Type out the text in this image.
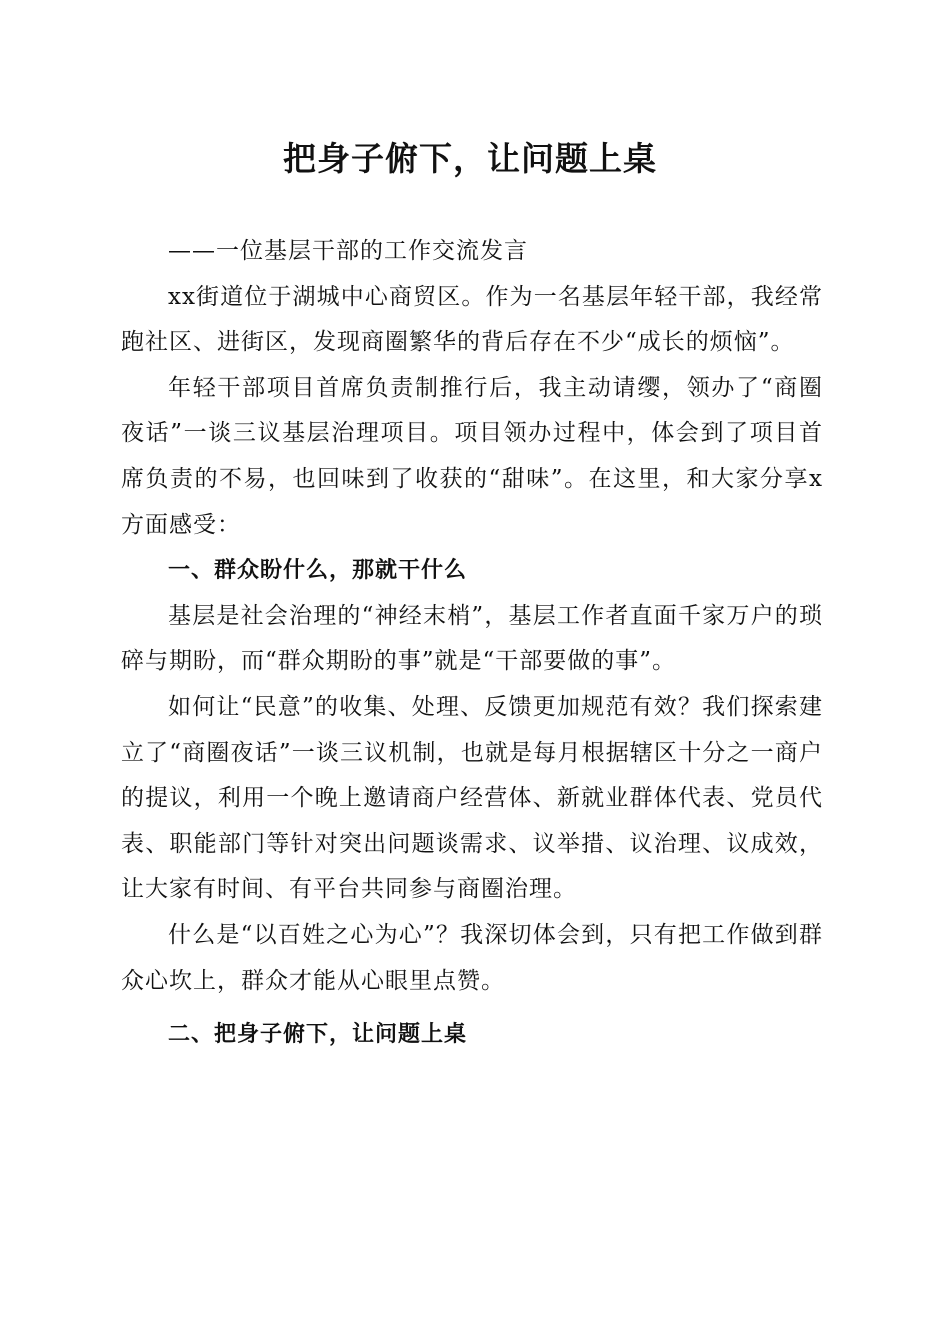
把身子俯下，让问题上桌

——一位基层干部的工作交流发言

xx街道位于湖城中心商贸区。作为一名基层年轻干部，我经常跑社区、进街区，发现商圈繁华的背后存在不少“成长的烦恼”。

年轻干部项目首席负责制推行后，我主动请缨，领办了“商圈夜话”一谈三议基层治理项目。项目领办过程中，体会到了项目首席负责的不易，也回味到了收获的“甜味”。在这里，和大家分享x方面感受：

一、群众盼什么，那就干什么

基层是社会治理的“神经末梢”，基层工作者直面千家万户的琐碎与期盼，而“群众期盼的事”就是“干部要做的事”。

如何让“民意”的收集、处理、反馈更加规范有效？我们探索建立了“商圈夜话”一谈三议机制，也就是每月根据辖区十分之一商户的提议，利用一个晚上邀请商户经营体、新就业群体代表、党员代表、职能部门等针对突出问题谈需求、议举措、议治理、议成效，让大家有时间、有平台共同参与商圈治理。

什么是“以百姓之心为心”？我深切体会到，只有把工作做到群众心坎上，群众才能从心眼里点赞。

二、把身子俯下，让问题上桌
